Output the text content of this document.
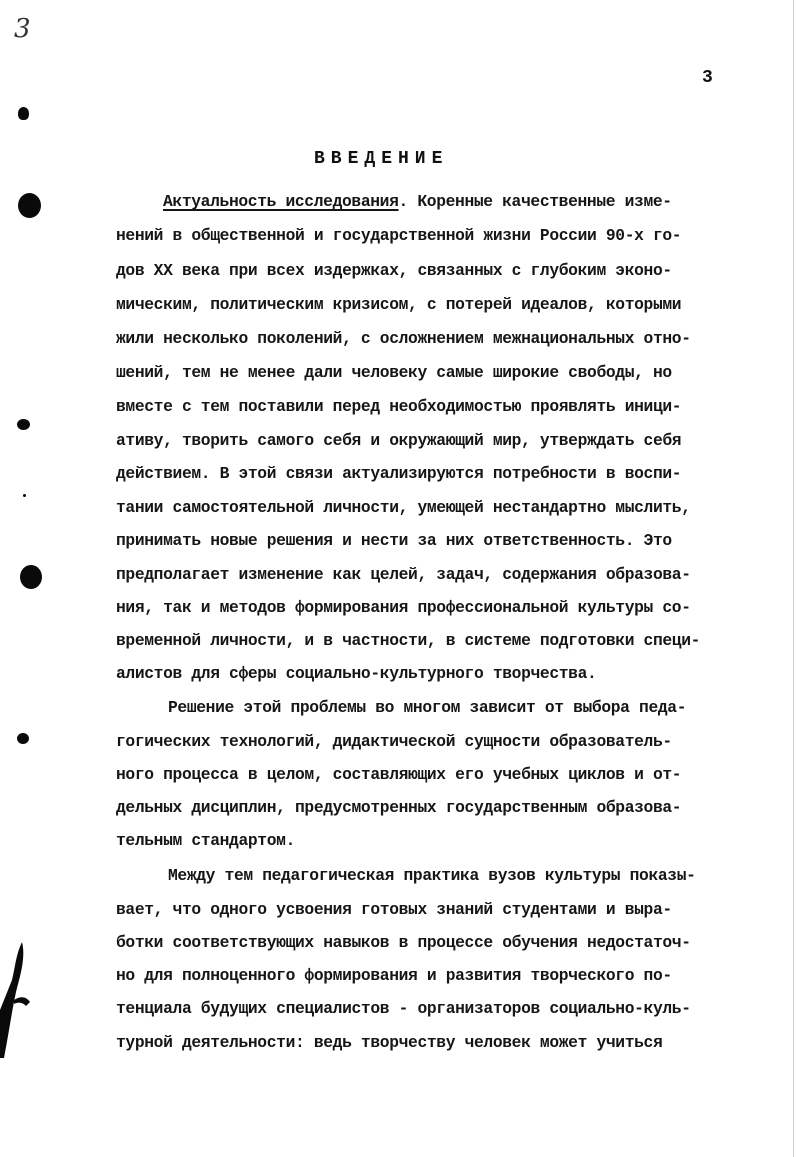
3
3
ВВЕДЕНИЕ
Актуальность исследования. Коренные качественные изме-
нений в общественной и государственной жизни России 90-х го-
дов XX века при всех издержках, связанных с глубоким эконо-
мическим, политическим кризисом, с потерей идеалов, которыми
жили несколько поколений, с осложнением межнациональных отно-
шений, тем не менее дали человеку самые широкие свободы, но
вместе с тем поставили перед необходимостью проявлять иници-
ативу, творить самого себя и окружающий мир, утверждать себя
действием. В этой связи актуализируются потребности в воспи-
тании самостоятельной личности, умеющей нестандартно мыслить,
принимать новые решения и нести за них ответственность. Это
предполагает изменение как целей, задач, содержания образова-
ния, так и методов формирования профессиональной культуры со-
временной личности, и в частности, в системе подготовки специ-
алистов для сферы социально-культурного творчества.
Решение этой проблемы во многом зависит от выбора педа-
гогических технологий, дидактической сущности образователь-
ного процесса в целом, составляющих его учебных циклов и от-
дельных дисциплин, предусмотренных государственным образова-
тельным стандартом.
Между тем педагогическая практика вузов культуры показы-
вает, что одного усвоения готовых знаний студентами и выра-
ботки соответствующих навыков в процессе обучения недостаточ-
но для полноценного формирования и развития творческого по-
тенциала будущих специалистов - организаторов социально-куль-
турной деятельности: ведь творчеству человек может учиться
